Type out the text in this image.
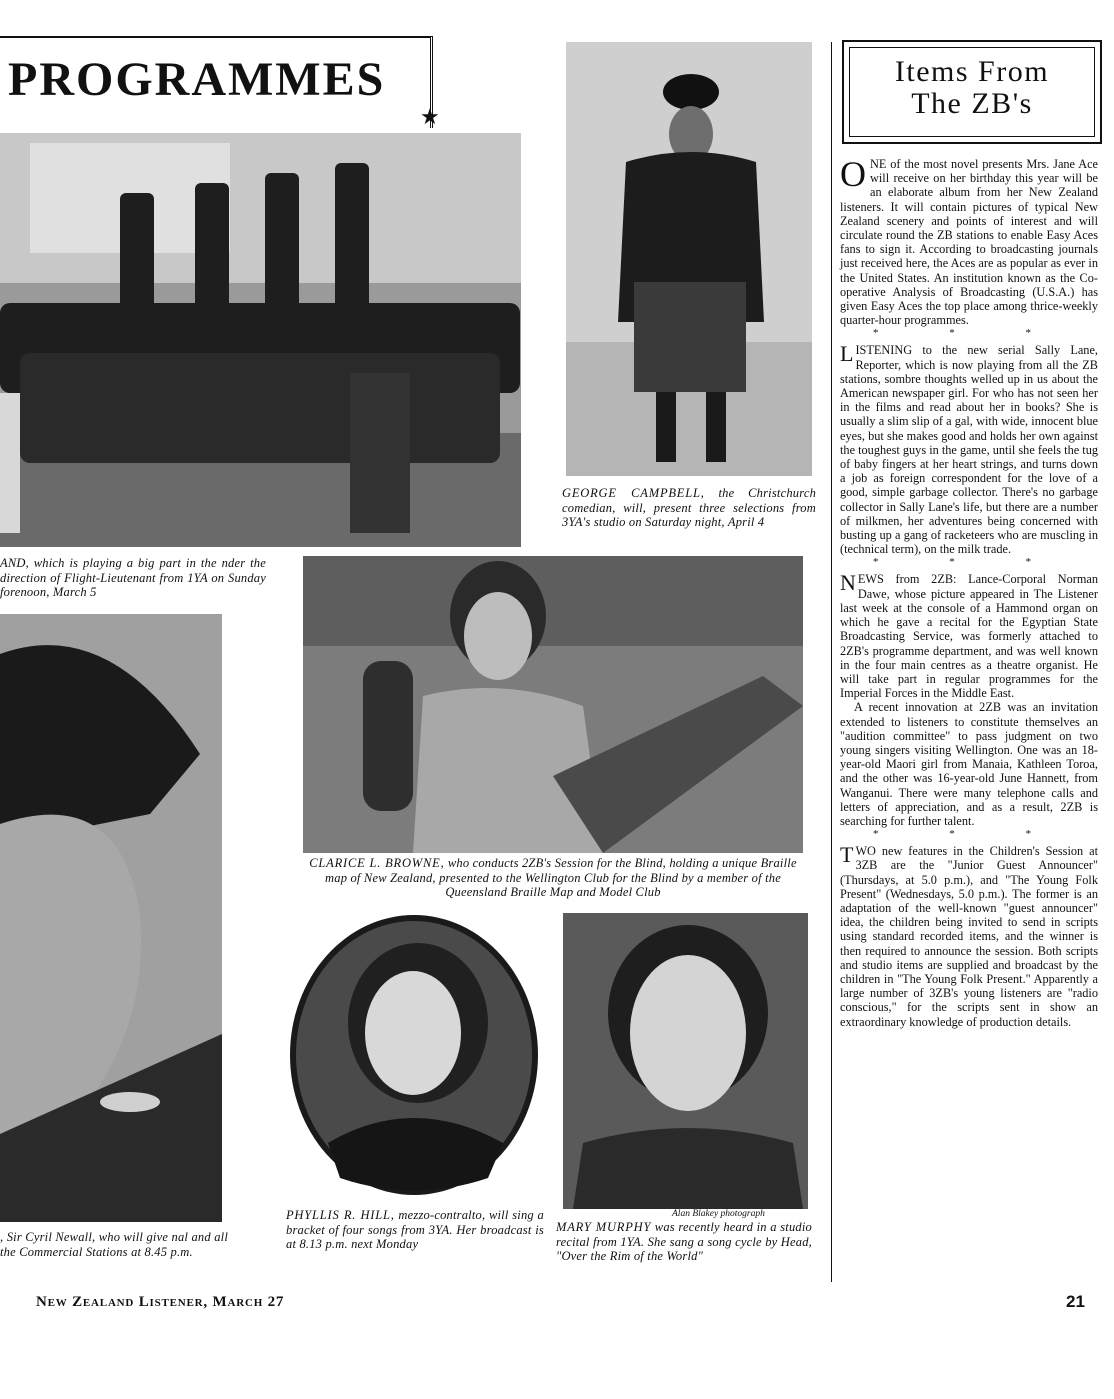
PROGRAMMES
★
AND, which is playing a big part in the nder the direction of Flight-Lieutenant from 1YA on Sunday forenoon, March 5
, Sir Cyril Newall, who will give nal and all the Commercial Stations at 8.45 p.m.
GEORGE CAMPBELL, the Christchurch comedian, will, present three selections from 3YA's studio on Saturday night, April 4
CLARICE L. BROWNE, who conducts 2ZB's Session for the Blind, holding a unique Braille map of New Zealand, presented to the Wellington Club for the Blind by a member of the Queensland Braille Map and Model Club
PHYLLIS R. HILL, mezzo-contralto, will sing a bracket of four songs from 3YA. Her broadcast is at 8.13 p.m. next Monday
Alan Blakey photograph
MARY MURPHY was recently heard in a studio recital from 1YA. She sang a song cycle by Head, "Over the Rim of the World"
Items From
The ZB's

ONE of the most novel presents Mrs. Jane Ace will receive on her birthday this year will be an elaborate album from her New Zealand listeners. It will contain pictures of typical New Zealand scenery and points of interest and will circulate round the ZB stations to enable Easy Aces fans to sign it. According to broadcasting journals just received here, the Aces are as popular as ever in the United States. An institution known as the Co-operative Analysis of Broadcasting (U.S.A.) has given Easy Aces the top place among thrice-weekly quarter-hour programmes.

* * *

LISTENING to the new serial Sally Lane, Reporter, which is now playing from all the ZB stations, sombre thoughts welled up in us about the American newspaper girl. For who has not seen her in the films and read about her in books? She is usually a slim slip of a gal, with wide, innocent blue eyes, but she makes good and holds her own against the toughest guys in the game, until she feels the tug of baby fingers at her heart strings, and turns down a job as foreign correspondent for the love of a good, simple garbage collector. There's no garbage collector in Sally Lane's life, but there are a number of milkmen, her adventures being concerned with busting up a gang of racketeers who are muscling in (technical term), on the milk trade.

* * *

NEWS from 2ZB: Lance-Corporal Norman Dawe, whose picture appeared in The Listener last week at the console of a Hammond organ on which he gave a recital for the Egyptian State Broadcasting Service, was formerly attached to 2ZB's programme department, and was well known in the four main centres as a theatre organist. He will take part in regular programmes for the Imperial Forces in the Middle East.

A recent innovation at 2ZB was an invitation extended to listeners to constitute themselves an "audition committee" to pass judgment on two young singers visiting Wellington. One was an 18-year-old Maori girl from Manaia, Kathleen Toroa, and the other was 16-year-old June Hannett, from Wanganui. There were many telephone calls and letters of appreciation, and as a result, 2ZB is searching for further talent.

* * *

TWO new features in the Children's Session at 3ZB are the "Junior Guest Announcer" (Thursdays, at 5.0 p.m.), and "The Young Folk Present" (Wednesdays, 5.0 p.m.). The former is an adaptation of the well-known "guest announcer" idea, the children being invited to send in scripts using standard recorded items, and the winner is then required to announce the session. Both scripts and studio items are supplied and broadcast by the children in "The Young Folk Present." Apparently a large number of 3ZB's young listeners are "radio conscious," for the scripts sent in show an extraordinary knowledge of production details.

New Zealand Listener, March 27	21
